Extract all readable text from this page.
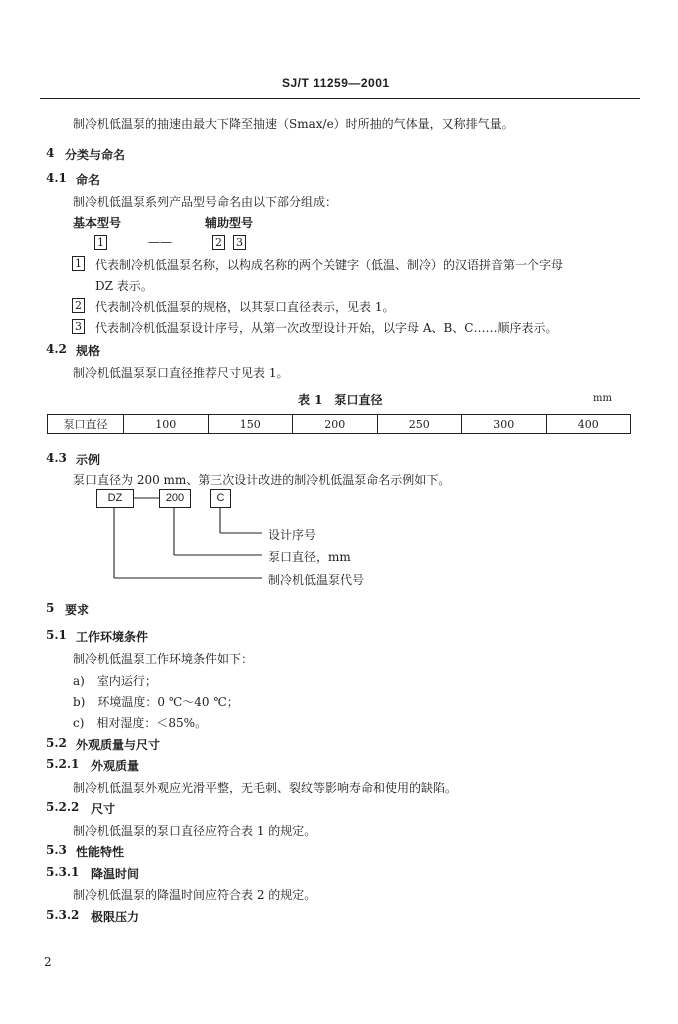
SJ/T 11259—2001
制冷机低温泵的抽速由最大下降至抽速（Smax/e）时所抽的气体量，又称排气量。
4 分类与命名
4.1 命名
制冷机低温泵系列产品型号命名由以下部分组成：
基本型号	辅助型号
1	——	2 3
1 代表制冷机低温泵名称，以构成名称的两个关键字（低温、制冷）的汉语拼音第一个字母
DZ 表示。
2 代表制冷机低温泵的规格，以其泵口直径表示，见表 1。
3 代表制冷机低温泵设计序号，从第一次改型设计开始，以字母 A、B、C……顺序表示。
4.2 规格
制冷机低温泵泵口直径推荐尺寸见表 1。
表 1　泵口直径	mm
泵口直径	100	150	200	250	300	400
4.3 示例
泵口直径为 200 mm、第三次设计改进的制冷机低温泵命名示例如下。
DZ	200	C
设计序号
泵口直径，mm
制冷机低温泵代号
5 要求
5.1 工作环境条件
制冷机低温泵工作环境条件如下：
a)　室内运行；
b)　环境温度：0 ℃～40 ℃；
c)　相对湿度：＜85%。
5.2 外观质量与尺寸
5.2.1 外观质量
制冷机低温泵外观应光滑平整，无毛刺、裂纹等影响寿命和使用的缺陷。
5.2.2 尺寸
制冷机低温泵的泵口直径应符合表 1 的规定。
5.3 性能特性
5.3.1 降温时间
制冷机低温泵的降温时间应符合表 2 的规定。
5.3.2 极限压力
2
